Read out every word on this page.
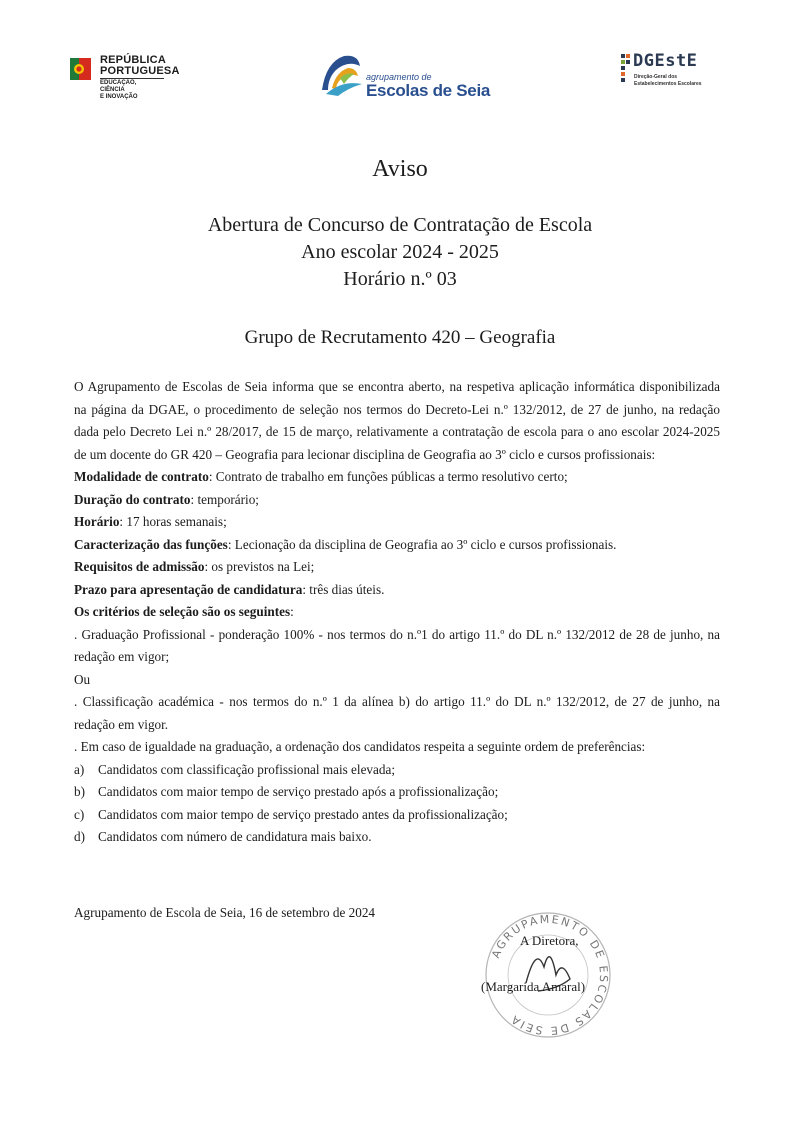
REPÚBLICA
PORTUGUESA
EDUCAÇÃO, CIÊNCIA
E INOVAÇÃO
agrupamento de
Escolas de Seia
DGEstE
Direção-Geral dos
Estabelecimentos Escolares
Aviso
Abertura de Concurso de Contratação de Escola
Ano escolar 2024 - 2025
Horário n.º 03
Grupo de Recrutamento 420 – Geografia

O Agrupamento de Escolas de Seia informa que se encontra aberto, na respetiva aplicação informática disponibilizada

na página da DGAE, o procedimento de seleção nos termos do Decreto-Lei n.º 132/2012, de 27 de junho, na redação

dada pelo Decreto Lei n.º 28/2017, de 15 de março, relativamente a contratação de escola para o ano escolar 2024-2025

de um docente do GR 420 – Geografia para lecionar disciplina de Geografia ao 3º ciclo e cursos profissionais:

Modalidade de contrato: Contrato de trabalho em funções públicas a termo resolutivo certo;

Duração do contrato: temporário;

Horário: 17 horas semanais;

Caracterização das funções: Lecionação da disciplina de Geografia ao 3º ciclo e cursos profissionais.

Requisitos de admissão: os previstos na Lei;

Prazo para apresentação de candidatura: três dias úteis.

Os critérios de seleção são os seguintes:

. Graduação Profissional - ponderação 100% - nos termos do n.º1 do artigo 11.º do DL n.º 132/2012 de 28 de junho, na

redação em vigor;

Ou

. Classificação académica - nos termos do n.º 1 da alínea b) do artigo 11.º do DL n.º 132/2012, de 27 de junho, na

redação em vigor.

. Em caso de igualdade na graduação, a ordenação dos candidatos respeita a seguinte ordem de preferências:

a) Candidatos com classificação profissional mais elevada;

b) Candidatos com maior tempo de serviço prestado após a profissionalização;

c) Candidatos com maior tempo de serviço prestado antes da profissionalização;

d) Candidatos com número de candidatura mais baixo.

Agrupamento de Escola de Seia, 16 de setembro de 2024
AGRUPAMENTO DE ESCOLAS DE SEIA
A Diretora,
(Margarida Amaral)
